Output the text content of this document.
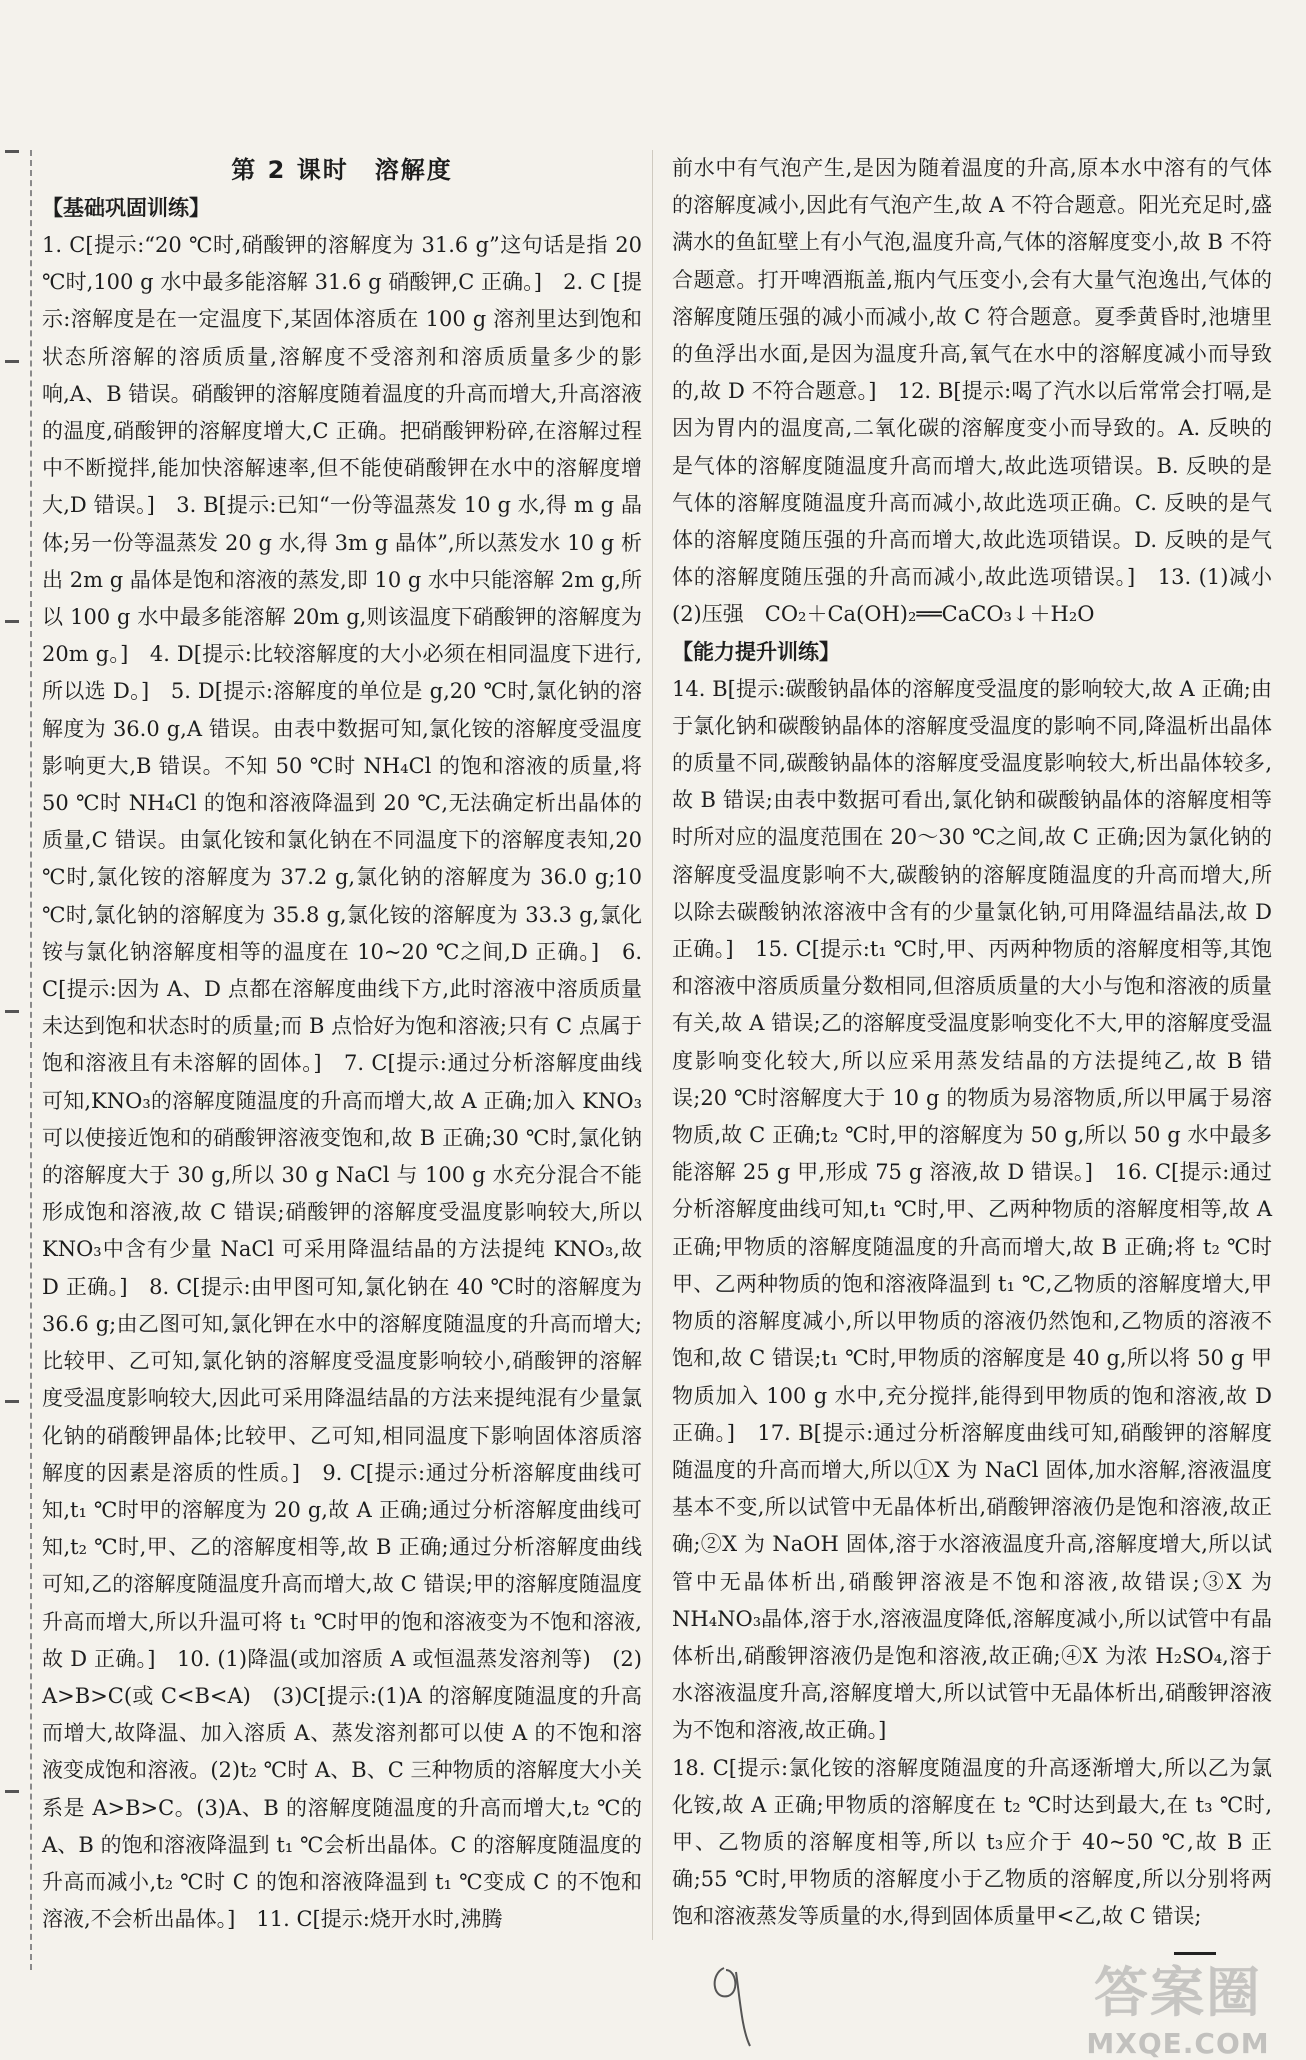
第 2 课时　溶解度
【基础巩固训练】

1. C[提示:“20 ℃时,硝酸钾的溶解度为 31.6 g”这句话是指 20 ℃时,100 g 水中最多能溶解 31.6 g 硝酸钾,C 正确。]　2. C [提示:溶解度是在一定温度下,某固体溶质在 100 g 溶剂里达到饱和状态所溶解的溶质质量,溶解度不受溶剂和溶质质量多少的影响,A、B 错误。硝酸钾的溶解度随着温度的升高而增大,升高溶液的温度,硝酸钾的溶解度增大,C 正确。把硝酸钾粉碎,在溶解过程中不断搅拌,能加快溶解速率,但不能使硝酸钾在水中的溶解度增大,D 错误。]　3. B[提示:已知“一份等温蒸发 10 g 水,得 m g 晶体;另一份等温蒸发 20 g 水,得 3m g 晶体”,所以蒸发水 10 g 析出 2m g 晶体是饱和溶液的蒸发,即 10 g 水中只能溶解 2m g,所以 100 g 水中最多能溶解 20m g,则该温度下硝酸钾的溶解度为 20m g。]　4. D[提示:比较溶解度的大小必须在相同温度下进行,所以选 D。]　5. D[提示:溶解度的单位是 g,20 ℃时,氯化钠的溶解度为 36.0 g,A 错误。由表中数据可知,氯化铵的溶解度受温度影响更大,B 错误。不知 50 ℃时 NH₄Cl 的饱和溶液的质量,将 50 ℃时 NH₄Cl 的饱和溶液降温到 20 ℃,无法确定析出晶体的质量,C 错误。由氯化铵和氯化钠在不同温度下的溶解度表知,20 ℃时,氯化铵的溶解度为 37.2 g,氯化钠的溶解度为 36.0 g;10 ℃时,氯化钠的溶解度为 35.8 g,氯化铵的溶解度为 33.3 g,氯化铵与氯化钠溶解度相等的温度在 10~20 ℃之间,D 正确。]　6. C[提示:因为 A、D 点都在溶解度曲线下方,此时溶液中溶质质量未达到饱和状态时的质量;而 B 点恰好为饱和溶液;只有 C 点属于饱和溶液且有未溶解的固体。]　7. C[提示:通过分析溶解度曲线可知,KNO₃的溶解度随温度的升高而增大,故 A 正确;加入 KNO₃可以使接近饱和的硝酸钾溶液变饱和,故 B 正确;30 ℃时,氯化钠的溶解度大于 30 g,所以 30 g NaCl 与 100 g 水充分混合不能形成饱和溶液,故 C 错误;硝酸钾的溶解度受温度影响较大,所以 KNO₃中含有少量 NaCl 可采用降温结晶的方法提纯 KNO₃,故 D 正确。]　8. C[提示:由甲图可知,氯化钠在 40 ℃时的溶解度为 36.6 g;由乙图可知,氯化钾在水中的溶解度随温度的升高而增大;比较甲、乙可知,氯化钠的溶解度受温度影响较小,硝酸钾的溶解度受温度影响较大,因此可采用降温结晶的方法来提纯混有少量氯化钠的硝酸钾晶体;比较甲、乙可知,相同温度下影响固体溶质溶解度的因素是溶质的性质。]　9. C[提示:通过分析溶解度曲线可知,t₁ ℃时甲的溶解度为 20 g,故 A 正确;通过分析溶解度曲线可知,t₂ ℃时,甲、乙的溶解度相等,故 B 正确;通过分析溶解度曲线可知,乙的溶解度随温度升高而增大,故 C 错误;甲的溶解度随温度升高而增大,所以升温可将 t₁ ℃时甲的饱和溶液变为不饱和溶液,故 D 正确。]　10. (1)降温(或加溶质 A 或恒温蒸发溶剂等)　(2) A>B>C(或 C<B<A)　(3)C[提示:(1)A 的溶解度随温度的升高而增大,故降温、加入溶质 A、蒸发溶剂都可以使 A 的不饱和溶液变成饱和溶液。(2)t₂ ℃时 A、B、C 三种物质的溶解度大小关系是 A>B>C。(3)A、B 的溶解度随温度的升高而增大,t₂ ℃的 A、B 的饱和溶液降温到 t₁ ℃会析出晶体。C 的溶解度随温度的升高而减小,t₂ ℃时 C 的饱和溶液降温到 t₁ ℃变成 C 的不饱和溶液,不会析出晶体。]　11. C[提示:烧开水时,沸腾

前水中有气泡产生,是因为随着温度的升高,原本水中溶有的气体的溶解度减小,因此有气泡产生,故 A 不符合题意。阳光充足时,盛满水的鱼缸壁上有小气泡,温度升高,气体的溶解度变小,故 B 不符合题意。打开啤酒瓶盖,瓶内气压变小,会有大量气泡逸出,气体的溶解度随压强的减小而减小,故 C 符合题意。夏季黄昏时,池塘里的鱼浮出水面,是因为温度升高,氧气在水中的溶解度减小而导致的,故 D 不符合题意。]　12. B[提示:喝了汽水以后常常会打嗝,是因为胃内的温度高,二氧化碳的溶解度变小而导致的。A. 反映的是气体的溶解度随温度升高而增大,故此选项错误。B. 反映的是气体的溶解度随温度升高而减小,故此选项正确。C. 反映的是气体的溶解度随压强的升高而增大,故此选项错误。D. 反映的是气体的溶解度随压强的升高而减小,故此选项错误。]　13. (1)减小　(2)压强　CO₂＋Ca(OH)₂══CaCO₃↓＋H₂O

【能力提升训练】

14. B[提示:碳酸钠晶体的溶解度受温度的影响较大,故 A 正确;由于氯化钠和碳酸钠晶体的溶解度受温度的影响不同,降温析出晶体的质量不同,碳酸钠晶体的溶解度受温度影响较大,析出晶体较多,故 B 错误;由表中数据可看出,氯化钠和碳酸钠晶体的溶解度相等时所对应的温度范围在 20～30 ℃之间,故 C 正确;因为氯化钠的溶解度受温度影响不大,碳酸钠的溶解度随温度的升高而增大,所以除去碳酸钠浓溶液中含有的少量氯化钠,可用降温结晶法,故 D 正确。]　15. C[提示:t₁ ℃时,甲、丙两种物质的溶解度相等,其饱和溶液中溶质质量分数相同,但溶质质量的大小与饱和溶液的质量有关,故 A 错误;乙的溶解度受温度影响变化不大,甲的溶解度受温度影响变化较大,所以应采用蒸发结晶的方法提纯乙,故 B 错误;20 ℃时溶解度大于 10 g 的物质为易溶物质,所以甲属于易溶物质,故 C 正确;t₂ ℃时,甲的溶解度为 50 g,所以 50 g 水中最多能溶解 25 g 甲,形成 75 g 溶液,故 D 错误。]　16. C[提示:通过分析溶解度曲线可知,t₁ ℃时,甲、乙两种物质的溶解度相等,故 A 正确;甲物质的溶解度随温度的升高而增大,故 B 正确;将 t₂ ℃时甲、乙两种物质的饱和溶液降温到 t₁ ℃,乙物质的溶解度增大,甲物质的溶解度减小,所以甲物质的溶液仍然饱和,乙物质的溶液不饱和,故 C 错误;t₁ ℃时,甲物质的溶解度是 40 g,所以将 50 g 甲物质加入 100 g 水中,充分搅拌,能得到甲物质的饱和溶液,故 D 正确。]　17. B[提示:通过分析溶解度曲线可知,硝酸钾的溶解度随温度的升高而增大,所以①X 为 NaCl 固体,加水溶解,溶液温度基本不变,所以试管中无晶体析出,硝酸钾溶液仍是饱和溶液,故正确;②X 为 NaOH 固体,溶于水溶液温度升高,溶解度增大,所以试管中无晶体析出,硝酸钾溶液是不饱和溶液,故错误;③X 为 NH₄NO₃晶体,溶于水,溶液温度降低,溶解度减小,所以试管中有晶体析出,硝酸钾溶液仍是饱和溶液,故正确;④X 为浓 H₂SO₄,溶于水溶液温度升高,溶解度增大,所以试管中无晶体析出,硝酸钾溶液为不饱和溶液,故正确。]

18. C[提示:氯化铵的溶解度随温度的升高逐渐增大,所以乙为氯化铵,故 A 正确;甲物质的溶解度在 t₂ ℃时达到最大,在 t₃ ℃时,甲、乙物质的溶解度相等,所以 t₃应介于 40~50 ℃,故 B 正确;55 ℃时,甲物质的溶解度小于乙物质的溶解度,所以分别将两饱和溶液蒸发等质量的水,得到固体质量甲<乙,故 C 错误;

答案圈
MXQE.COM
